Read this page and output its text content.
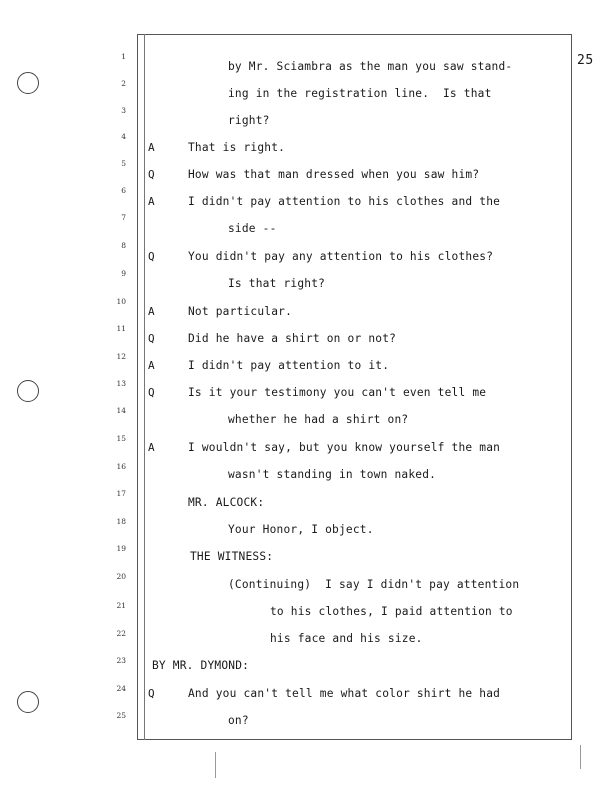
25
1
2
3
4
5
6
7
8
9
10
11
12
13
14
15
16
17
18
19
20
21
22
23
24
25
by Mr. Sciambra as the man you saw stand-
ing in the registration line.  Is that
right?
A	That is right.
Q	How was that man dressed when you saw him?
A	I didn't pay attention to his clothes and the
side --
Q	You didn't pay any attention to his clothes?
Is that right?
A	Not particular.
Q	Did he have a shirt on or not?
A	I didn't pay attention to it.
Q	Is it your testimony you can't even tell me
whether he had a shirt on?
A	I wouldn't say, but you know yourself the man
wasn't standing in town naked.
MR. ALCOCK:
Your Honor, I object.
THE WITNESS:
(Continuing)  I say I didn't pay attention
to his clothes, I paid attention to
his face and his size.
BY MR. DYMOND:
Q	And you can't tell me what color shirt he had
on?
